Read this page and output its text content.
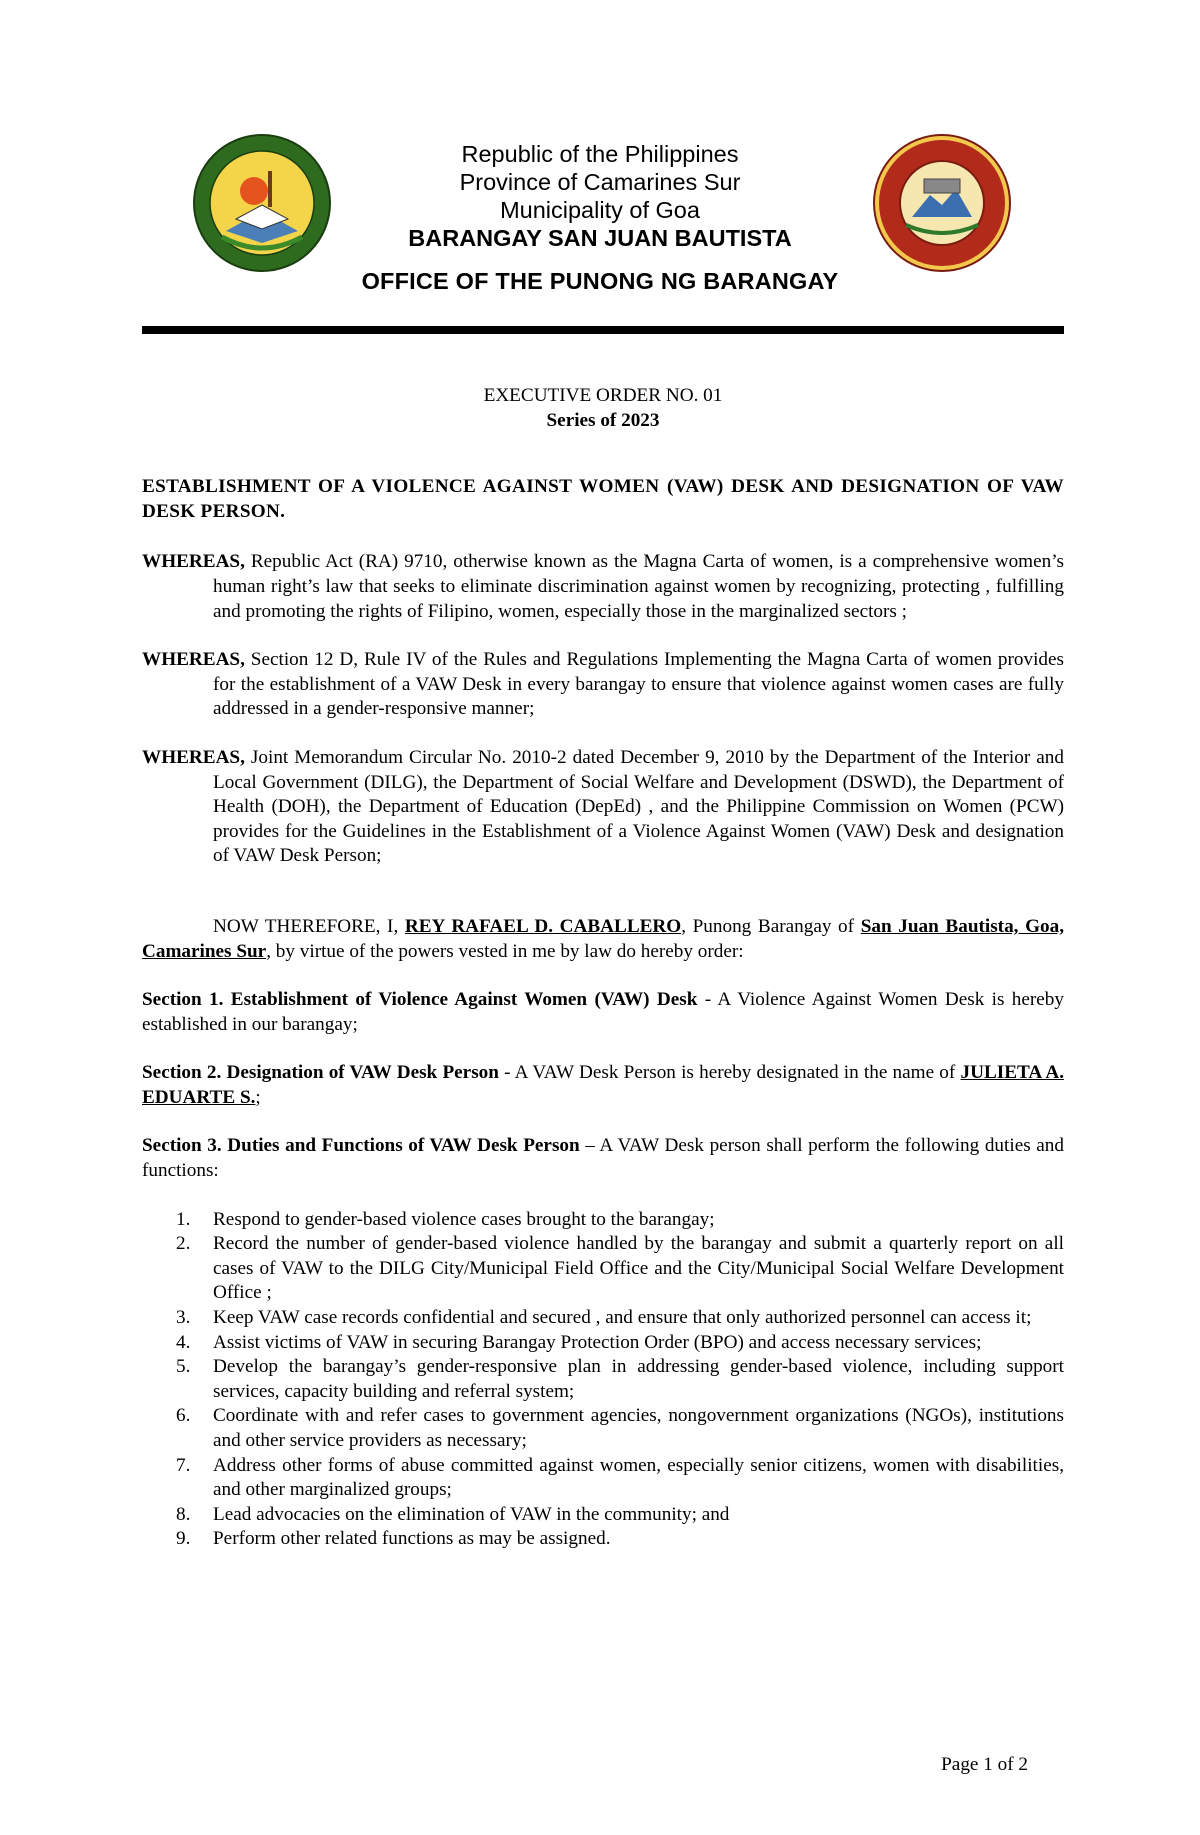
Republic of the Philippines
Province of Camarines Sur
Municipality of Goa
BARANGAY SAN JUAN BAUTISTA
OFFICE OF THE PUNONG NG BARANGAY

EXECUTIVE ORDER NO. 01

Series of 2023

ESTABLISHMENT OF A VIOLENCE AGAINST WOMEN (VAW) DESK AND DESIGNATION OF VAW DESK PERSON.

WHEREAS, Republic Act (RA) 9710, otherwise known as the Magna Carta of women, is a comprehensive women’s human right’s law that seeks to eliminate discrimination against women by recognizing, protecting , fulfilling and promoting the rights of Filipino, women, especially those in the marginalized sectors ;

WHEREAS, Section 12 D, Rule IV of the Rules and Regulations Implementing the Magna Carta of women provides for the establishment of a VAW Desk in every barangay to ensure that violence against women cases are fully addressed in a gender-responsive manner;

WHEREAS, Joint Memorandum Circular No. 2010-2 dated December 9, 2010 by the Department of the Interior and Local Government (DILG), the Department of Social Welfare and Development (DSWD), the Department of Health (DOH), the Department of Education (DepEd) , and the Philippine Commission on Women (PCW) provides for the Guidelines in the Establishment of a Violence Against Women (VAW) Desk and designation of VAW Desk Person;

NOW THEREFORE, I, REY RAFAEL D. CABALLERO, Punong Barangay of San Juan Bautista, Goa, Camarines Sur, by virtue of the powers vested in me by law do hereby order:

Section 1. Establishment of Violence Against Women (VAW) Desk - A Violence Against Women Desk is hereby established in our barangay;

Section 2. Designation of VAW Desk Person - A VAW Desk Person is hereby designated in the name of JULIETA A. EDUARTE S.;

Section 3. Duties and Functions of VAW Desk Person – A VAW Desk person shall perform the following duties and functions:

1. Respond to gender-based violence cases brought to the barangay;
2. Record the number of gender-based violence handled by the barangay and submit a quarterly report on all cases of VAW to the DILG City/Municipal Field Office and the City/Municipal Social Welfare Development Office ;
3. Keep VAW case records confidential and secured , and ensure that only authorized personnel can access it;
4. Assist victims of VAW in securing Barangay Protection Order (BPO) and access necessary services;
5. Develop the barangay’s gender-responsive plan in addressing gender-based violence, including support services, capacity building and referral system;
6. Coordinate with and refer cases to government agencies, nongovernment organizations (NGOs), institutions and other service providers as necessary;
7. Address other forms of abuse committed against women, especially senior citizens, women with disabilities, and other marginalized groups;
8. Lead advocacies on the elimination of VAW in the community; and
9. Perform other related functions as may be assigned.
Page 1 of 2
